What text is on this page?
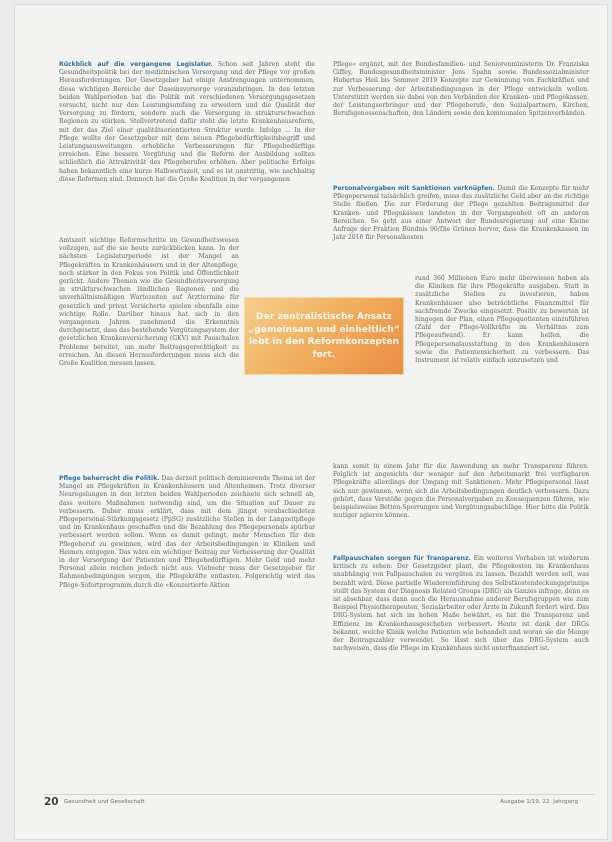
Rückblick auf die vergangene Legislatur. Schon seit Jahren steht die Gesundheitspolitik bei der medizinischen Versorgung und der Pflege vor großen Herausforderungen. Der Gesetzgeber hat einige Anstrengungen unternommen, diese wichtigen Bereiche der Daseinsvorsorge voranzubringen. In den letzten beiden Wahlperioden hat die Politik mit verschiedenen Versorgungsgesetzen versucht, nicht nur den Leistungsumfang zu erweitern und die Qualität der Versorgung zu fördern, sondern auch die Versorgung in strukturschwachen Regionen zu stärken. Stellvertretend dafür steht die letzte Krankenhausreform, mit der das Ziel einer qualitätsorientierten Struktur wurde. Infolge ... In der Pflege wollte der Gesetzgeber mit dem neuen Pflegebedürftigkeitsbegriff und Leistungsausweitungen erhebliche Verbesserungen für Pflegebedürftige erreichen. Eine bessere Vergütung und die Reform der Ausbildung sollten schließlich die Attraktivität des Pflegeberufes erhöhen. Aber politische Erfolge haben bekanntlich eine kurze Halbwertszeit, und es ist unstrittig, wie nachhaltig diese Reformen sind. Dennoch hat die Große Koalition in der vergangenen

Amtszeit wichtige Reformschritte im Gesundheitswesen vollzogen, auf die sie heute zurückblicken kann. In der nächsten Legislaturperiode ist der Mangel an Pflegekräften in Krankenhäusern und in der Altenpflege, noch stärker in den Fokus von Politik und Öffentlichkeit gerückt. Andere Themen wie die Gesundheitsversorgung in strukturschwachen ländlichen Regionen und die unverhältnismäßigen Wartezeiten auf Arzttermine für gesetzlich und privat Versicherte spielen ebenfalls eine wichtige Rolle. Darüber hinaus hat sich in den vergangenen Jahren zunehmend die Erkenntnis durchgesetzt, dass das bestehende Vergütungssystem der gesetzlichen Krankenversicherung (GKV) mit Pauschalen Probleme bereitet, um mehr Beitragsgerechtigkeit zu erreichen. An diesen Herausforderungen muss sich die Große Koalition messen lassen.

Der zentralistische Ansatz „gemeinsam und einheitlich“ lebt in den Reformkonzepten fort.

Pflege beherrscht die Politik. Das derzeit politisch dominierende Thema ist der Mangel an Pflegekräften in Krankenhäusern und Altenheimen. Trotz diverser Neuregelungen in den letzten beiden Wahlperioden zeichnete sich schnell ab, dass weitere Maßnahmen notwendig sind, um die Situation auf Dauer zu verbessern. Daher muss erklärt, dass mit dem jüngst verabschiedeten Pflegepersonal-Stärkungsgesetz (PpSG) zusätzliche Stellen in der Langzeitpflege und im Krankenhaus geschaffen und die Bezahlung des Pflegepersonals spürbar verbessert werden sollen. Wenn es damit gelingt, mehr Menschen für den Pflegeberuf zu gewinnen, wird das der Arbeitsbedingungen in Kliniken und Heimen entgegen. Das wäre ein wichtiger Beitrag zur Verbesserung der Qualität in der Versorgung der Patienten und Pflegebedürftigen. Mehr Geld und mehr Personal allein reichen jedoch nicht aus. Vielmehr muss der Gesetzgeber für Rahmenbedingungen sorgen, die Pflegekräfte entlasten. Folgerichtig wird das Pflege-Sofortprogramm durch die »Konzertierte Aktion

Pflege« ergänzt, mit der Bundesfamilien- und Seniorenministerin Dr. Franziska Giffey, Bundesgesundheitsminister Jens Spahn sowie Bundessozialminister Hubertus Heil bis Sommer 2019 Konzepte zur Gewinnung von Fachkräften und zur Verbesserung der Arbeitsbedingungen in der Pflege entwickeln wollen. Unterstützt werden sie dabei von den Verbänden der Kranken- und Pflegekassen, der Leistungserbringer und der Pflegeberufe, den Sozialpartnern, Kirchen, Berufsgenossenschaften, den Ländern sowie den kommunalen Spitzenverbänden.

Personalvorgaben mit Sanktionen verknüpfen. Damit die Konzepte für mehr Pflegepersonal tatsächlich greifen, muss das zusätzliche Geld aber an die richtige Stelle fließen. Die zur Förderung der Pflege gezahlten Beitragsmittel der Kranken- und Pflegekassen landeten in der Vergangenheit oft an anderen Bereichen. So geht aus einer Antwort der Bundesregierung auf eine Kleine Anfrage der Fraktion Bündnis 90/Die Grünen hervor, dass die Krankenkassen im Jahr 2016 für Personalkosten

rund 360 Millionen Euro mehr überwiesen haben als die Kliniken für ihre Pflegekräfte ausgaben. Statt in zusätzliche Stellen zu investieren, haben Krankenhäuser also beträchtliche Finanzmittel für sachfremde Zwecke eingesetzt. Positiv zu bewerten ist hingegen der Plan, einen Pflegequotienten einzuführen (Zahl der Pflege-Vollkräfte im Verhältnis zum Pflegeaufwand). Er kann helfen, die Pflegepersonalausstattung in den Krankenhäusern sowie die Patientensicherheit zu verbessern. Das Instrument ist relativ einfach umzusetzen und

kann somit in einem Jahr für die Anwendung an mehr Transparenz führen. Folglich ist angesichts der weniger auf den Arbeitsmarkt frei verfügbaren Pflegekräfte allerdings der Umgang mit Sanktionen. Mehr Pflegepersonal lässt sich nur gewinnen, wenn sich die Arbeitsbedingungen deutlich verbessern. Dazu gehört, dass Verstöße gegen die Personalvorgaben zu Konsequenzen führen, wie beispielsweise Betten-Sperrungen und Vergütungsabschläge. Hier bitte die Politik mutiger agieren können.

Fallpauschalen sorgen für Transparenz. Ein weiteres Vorhaben ist wiederum kritisch zu sehen: Der Gesetzgeber plant, die Pflegekosten im Krankenhaus unabhängig von Fallpauschalen zu vergüten zu lassen. Bezahlt werden soll, was bezahlt wird. Diese partielle Wiedereinführung des Selbstkostendeckungsprinzips stellt das System der Diagnosis Related Groups (DRG) als Ganzes infrage, denn es ist absehbar, dass dann auch die Herausnahme anderer Berufsgruppen wie zum Beispiel Physiotherapeuten, Sozialarbeiter oder Ärzte in Zukunft fordert wird. Das DRG-System hat sich im hohen Maße bewährt, es hat die Transparenz und Effizienz im Krankenhausgeschehen verbessert. Heute ist dank der DRGs bekannt, welche Klinik welche Patienten wie behandelt und woran sie die Menge der Beitragszahler verwendet. So lässt sich über das DRG-System auch nachweisen, dass die Pflege im Krankenhaus nicht unterfinanziert ist.

20 Gesundheit und Gesellschaft	Ausgabe 1/19, 22. Jahrgang
